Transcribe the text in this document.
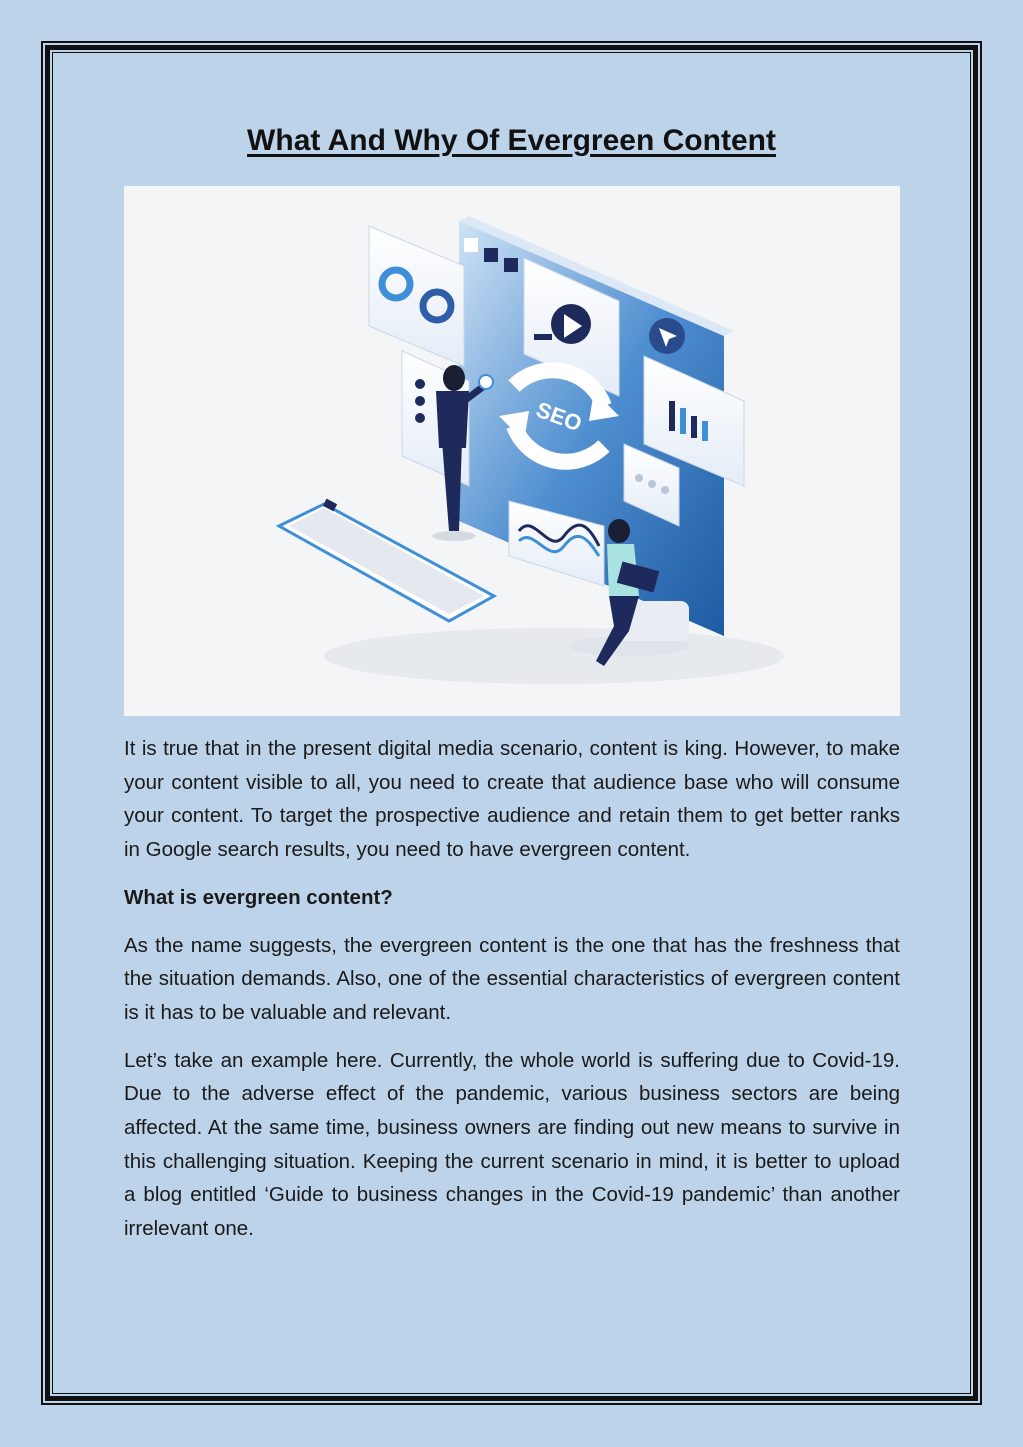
What And Why Of Evergreen Content
SEO

It is true that in the present digital media scenario, content is king. However, to make your content visible to all, you need to create that audience base who will consume your content. To target the prospective audience and retain them to get better ranks in Google search results, you need to have evergreen content.

What is evergreen content?

As the name suggests, the evergreen content is the one that has the freshness that the situation demands. Also, one of the essential characteristics of evergreen content is it has to be valuable and relevant.

Let’s take an example here. Currently, the whole world is suffering due to Covid-19. Due to the adverse effect of the pandemic, various business sectors are being affected. At the same time, business owners are finding out new means to survive in this challenging situation. Keeping the current scenario in mind, it is better to upload a blog entitled ‘Guide to business changes in the Covid-19 pandemic’ than another irrelevant one.
